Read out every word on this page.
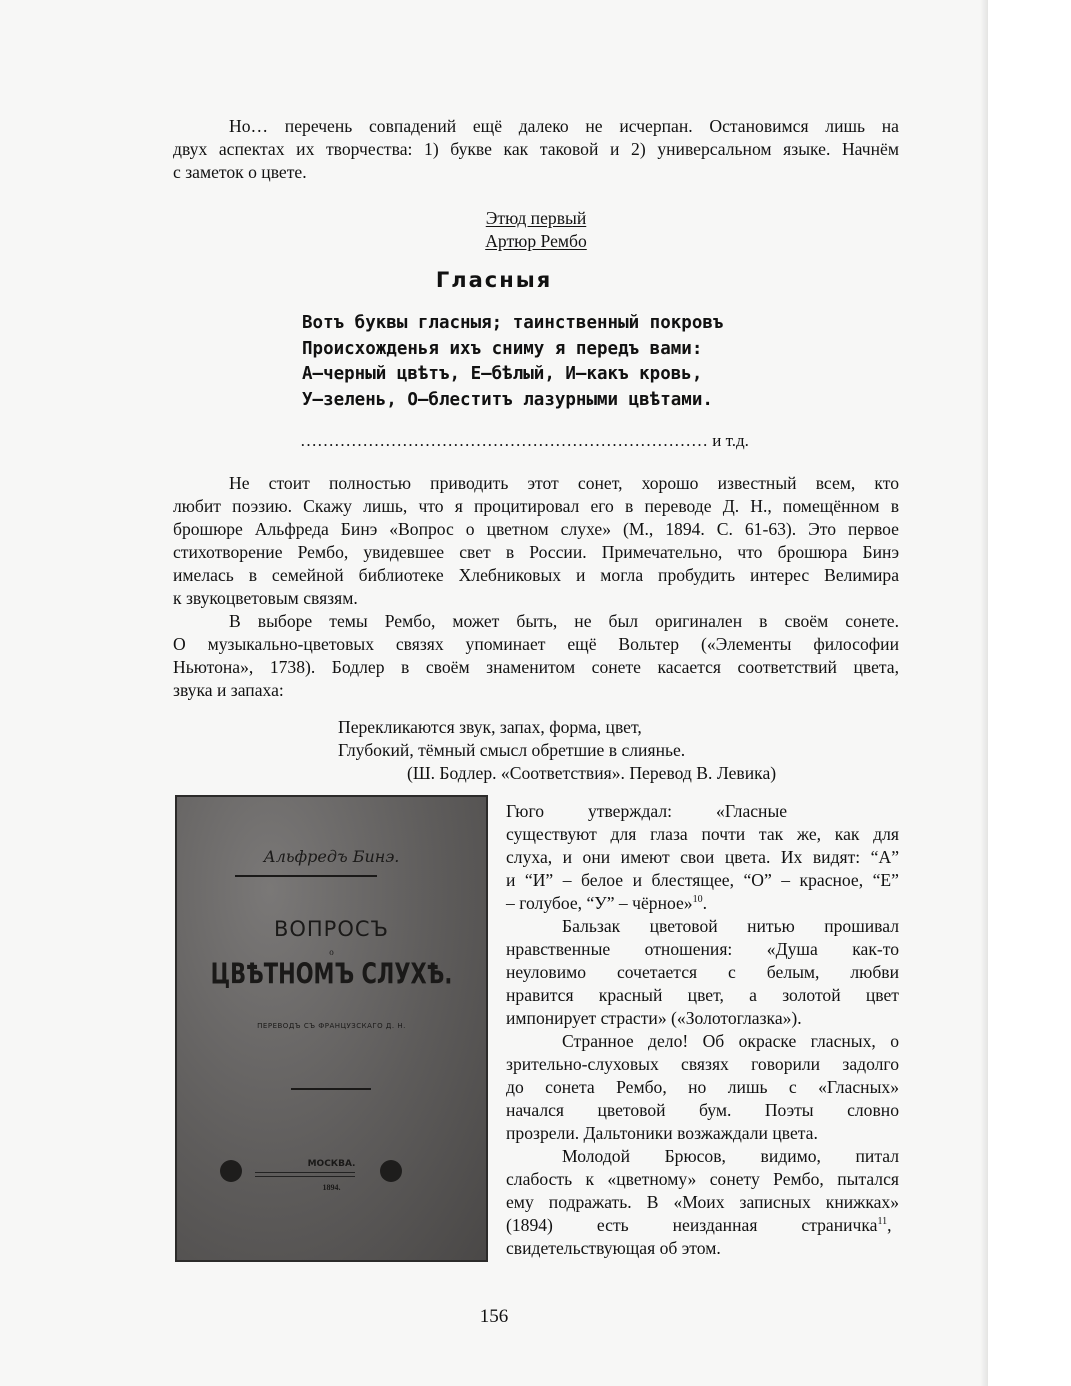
Но… перечень совпадений ещё далеко не исчерпан. Остановимся лишь на

двух аспектах их творчества: 1) букве как таковой и 2) универсальном языке. Начнём

с заметок о цвете.

Этюд первый

Артюр Рембо

Гласныя
Вотъ буквы гласныя; таинственный покровъ
Происхожденья ихъ сниму я передъ вами:
А—черный цвѣтъ, Е—бѣлый, И—какъ кровь,
У—зелень, О—блеститъ лазурными цвѣтами.
……………………………………………………………… и т.д.

Не стоит полностью приводить этот сонет, хорошо известный всем, кто

любит поэзию. Скажу лишь, что я процитировал его в переводе Д. Н., помещённом в

брошюре Альфреда Бинэ «Вопрос о цветном слухе» (М., 1894. С. 61-63). Это первое

стихотворение Рембо, увидевшее свет в России. Примечательно, что брошюра Бинэ

имелась в семейной библиотеке Хлебниковых и могла пробудить интерес Велимира

к звукоцветовым связям.

В выборе темы Рембо, может быть, не был оригинален в своём сонете.

О музыкально-цветовых связях упоминает ещё Вольтер («Элементы философии

Ньютона», 1738). Бодлер в своём знаменитом сонете касается соответствий цвета,

звука и запаха:

Перекликаются звук, запах, форма, цвет,
Глубокий, тёмный смысл обретшие в слиянье.
(Ш. Бодлер. «Соответствия». Перевод В. Левика)
Альфредъ Бинэ.
ВОПРОСЪ
о
ЦВѢТНОМЪ СЛУХѢ.
ПЕРЕВОДЪ СЪ ФРАНЦУЗСКАГО Д. Н.
МОСКВА.
1894.

Гюго          утверждал:          «Гласные

существуют для глаза почти так же, как для

слуха, и они имеют свои цвета. Их видят: “А”

и “И” – белое и блестящее, “О” – красное, “Е”

– голубое, “У” – чёрное»$^{10}$.

Бальзак цветовой нитью прошивал

нравственные отношения: «Душа как-то

неуловимо сочетается с белым, любви

нравится красный цвет, а золотой цвет

импонирует страсти» («Золотоглазка»).

Странное дело! Об окраске гласных, о

зрительно-слуховых связях говорили задолго

до сонета Рембо, но лишь с «Гласных»

начался цветовой бум. Поэты словно

прозрели. Дальтоники возжаждали цвета.

Молодой Брюсов, видимо, питал

слабость к «цветному» сонету Рембо, пытался

ему подражать. В «Моих записных книжках»

(1894)          есть          неизданная          страничка$^{11}$,

свидетельствующая об этом.

156
